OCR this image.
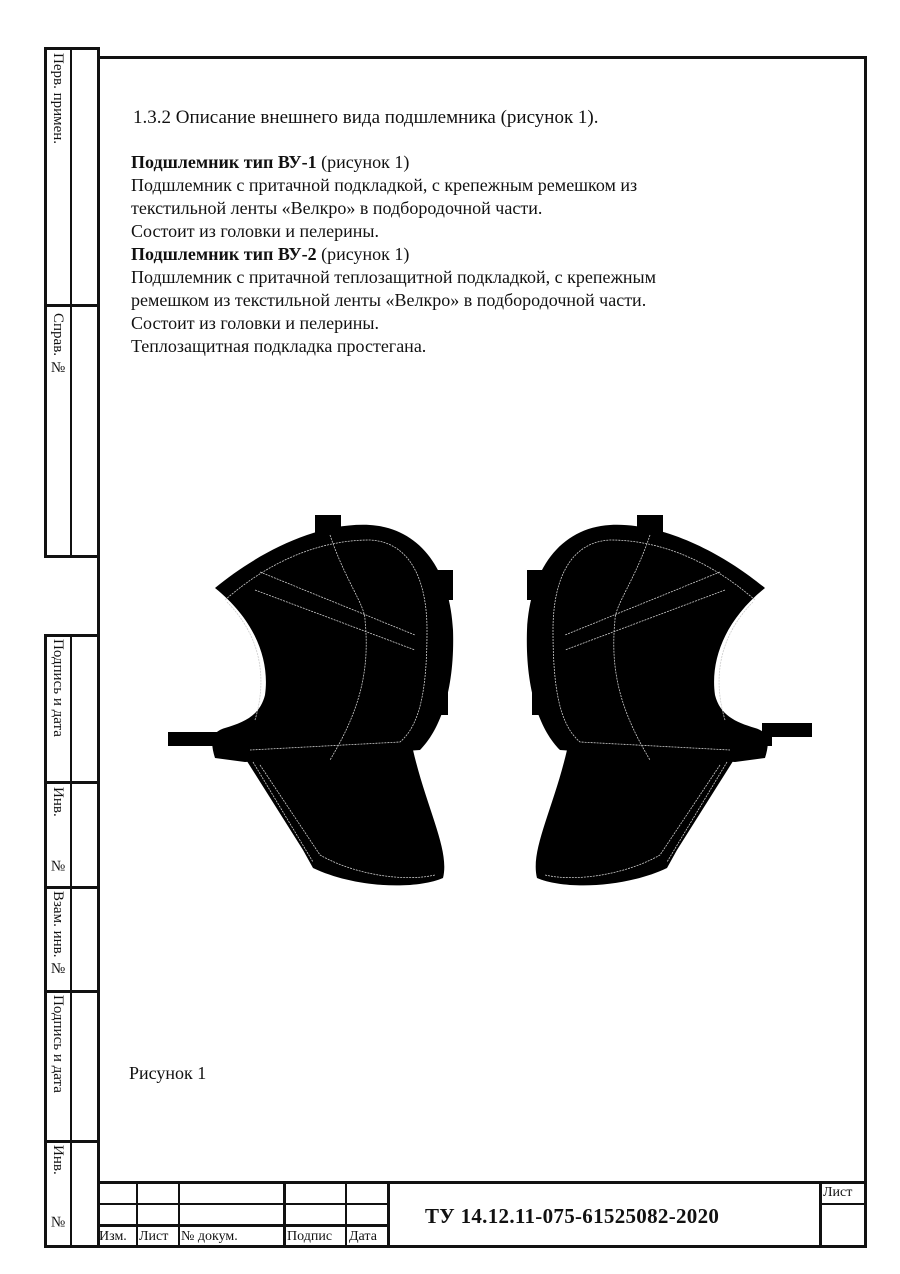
Перв. примен.
Справ. №
Подпись и дата
Инв. №
Взам. инв. №
Подпись и дата
Инв. №
1.3.2 Описание внешнего вида подшлемника (рисунок 1).
Подшлемник тип ВУ-1 (рисунок 1)
Подшлемник с притачной подкладкой, с крепежным ремешком из
текстильной ленты «Велкро» в подбородочной части.
Состоит из головки и пелерины.
Подшлемник тип ВУ-2 (рисунок 1)
Подшлемник с притачной теплозащитной подкладкой, с крепежным
ремешком из текстильной ленты «Велкро» в подбородочной части.
Состоит из головки и пелерины.
Теплозащитная подкладка простегана.
Рисунок 1
Изм. Лист № докум.	Подпис Дата
Лист
ТУ 14.12.11-075-61525082-2020
